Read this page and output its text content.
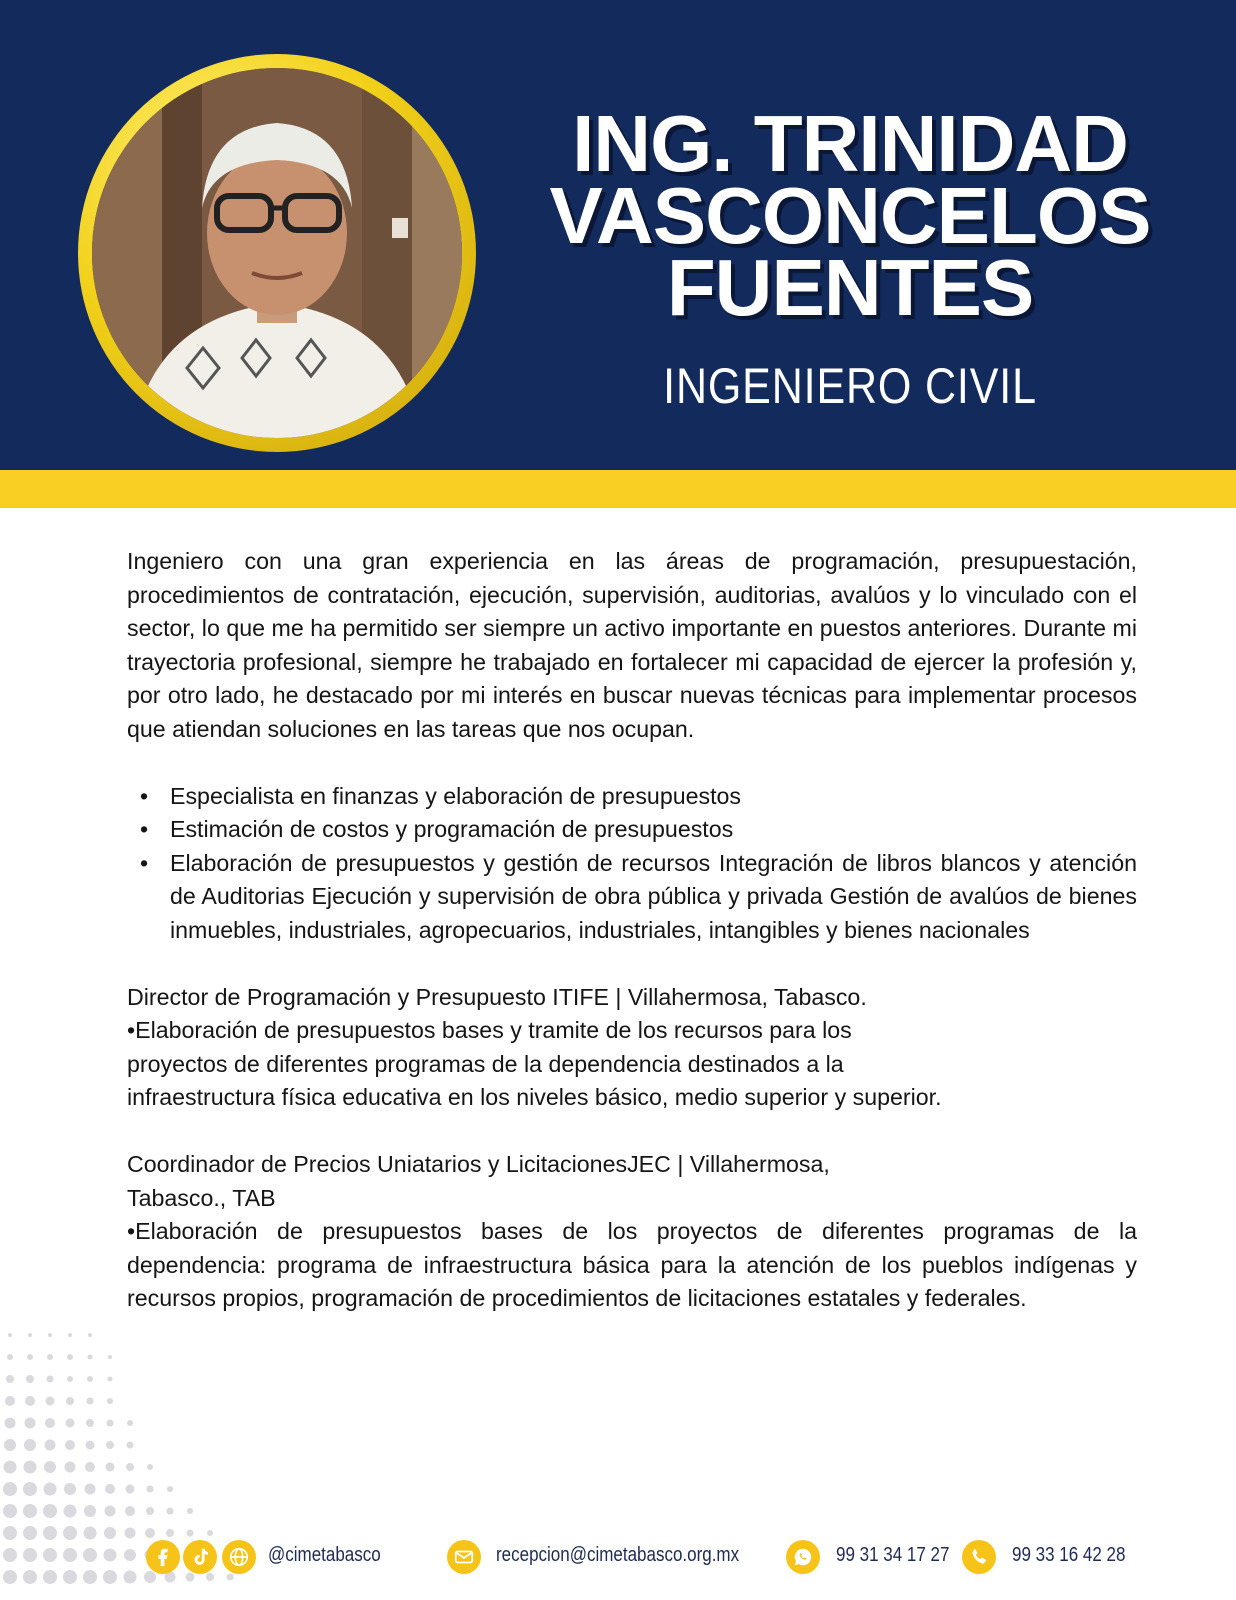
ING. TRINIDAD
VASCONCELOS
FUENTES
INGENIERO CIVIL

Ingeniero con una gran experiencia en las áreas de programación, presupuestación, procedimientos de contratación, ejecución, supervisión, auditorias, avalúos y lo vinculado con el sector, lo que me ha permitido ser siempre un activo importante en puestos anteriores. Durante mi trayectoria profesional, siempre he trabajado en fortalecer mi capacidad de ejercer la profesión y, por otro lado, he destacado por mi interés en buscar nuevas técnicas para implementar procesos que atiendan soluciones en las tareas que nos ocupan.

• Especialista en finanzas y elaboración de presupuestos
• Estimación de costos y programación de presupuestos
• Elaboración de presupuestos y gestión de recursos Integración de libros blancos y atención de Auditorias Ejecución y supervisión de obra pública y privada Gestión de avalúos de bienes inmuebles, industriales, agropecuarios, industriales, intangibles y bienes nacionales

Director de Programación y Presupuesto ITIFE | Villahermosa, Tabasco.

•Elaboración de presupuestos bases y tramite de los recursos para los proyectos de diferentes programas de la dependencia destinados a la infraestructura física educativa en los niveles básico, medio superior y superior.

Coordinador de Precios Uniatarios y LicitacionesJEC | Villahermosa,

Tabasco., TAB

•Elaboración de presupuestos bases de los proyectos de diferentes programas de la dependencia: programa de infraestructura básica para la atención de los pueblos indígenas y recursos propios, programación de procedimientos de licitaciones estatales y federales.

@cimetabasco	recepcion@cimetabasco.org.mx	99 31 34 17 27	99 33 16 42 28
